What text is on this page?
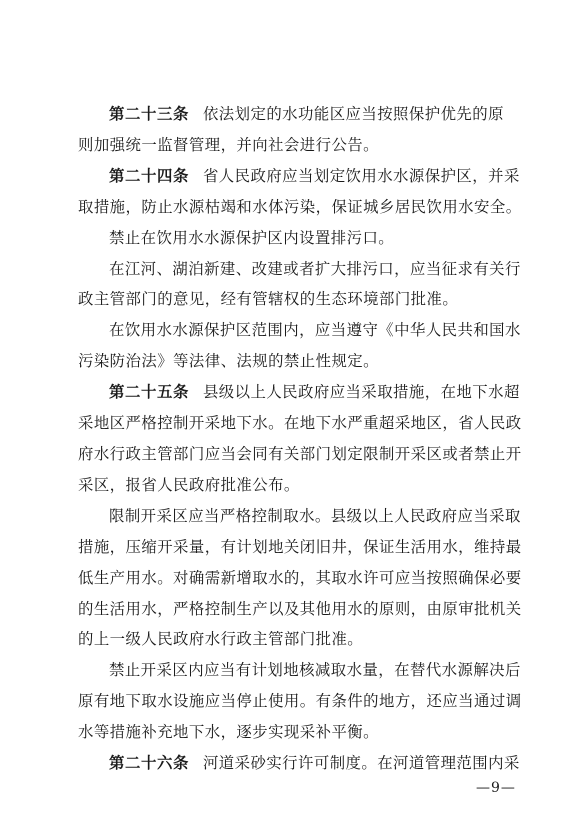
第二十三条 依法划定的水功能区应当按照保护优先的原
则加强统一监督管理，并向社会进行公告。

第二十四条 省人民政府应当划定饮用水水源保护区，并采
取措施，防止水源枯竭和水体污染，保证城乡居民饮用水安全。

禁止在饮用水水源保护区内设置排污口。

在江河、湖泊新建、改建或者扩大排污口，应当征求有关行
政主管部门的意见，经有管辖权的生态环境部门批准。

在饮用水水源保护区范围内，应当遵守《中华人民共和国水
污染防治法》等法律、法规的禁止性规定。

第二十五条 县级以上人民政府应当采取措施，在地下水超
采地区严格控制开采地下水。在地下水严重超采地区，省人民政
府水行政主管部门应当会同有关部门划定限制开采区或者禁止开
采区，报省人民政府批准公布。

限制开采区应当严格控制取水。县级以上人民政府应当采取
措施，压缩开采量，有计划地关闭旧井，保证生活用水，维持最
低生产用水。对确需新增取水的，其取水许可应当按照确保必要
的生活用水，严格控制生产以及其他用水的原则，由原审批机关
的上一级人民政府水行政主管部门批准。

禁止开采区内应当有计划地核减取水量，在替代水源解决后
原有地下取水设施应当停止使用。有条件的地方，还应当通过调
水等措施补充地下水，逐步实现采补平衡。

第二十六条 河道采砂实行许可制度。在河道管理范围内采

—9—
